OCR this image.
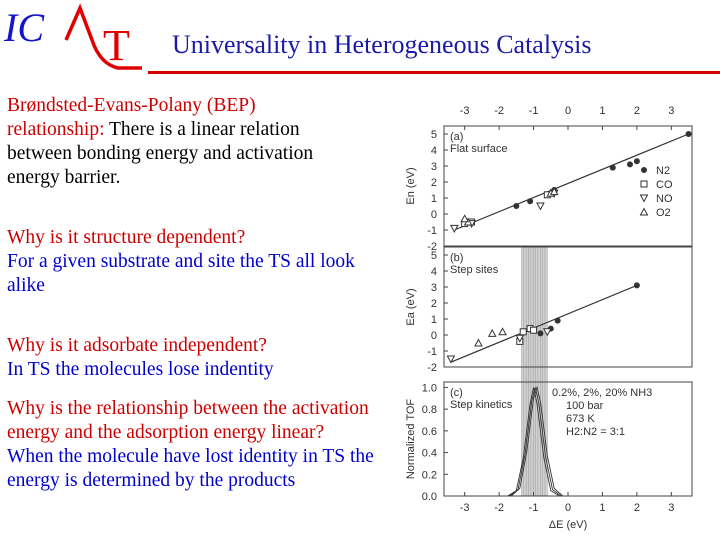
IC T Universality in Heterogeneous Catalysis

Brøndsted-Evans-Polany (BEP) relationship: There is a linear relation between bonding energy and activation energy barrier.

Why is it structure dependent?
For a given substrate and site the TS all look alike

Why is it adsorbate independent?
In TS the molecules lose indentity

Why is the relationship between the activation energy and the adsorption energy linear?
When the molecule have lost identity in TS the energy is determined by the products

5
4
3
2
1
0
-1
-2
-3 -2 -1 0	1	2	3
En (eV)
(a)
Flat surface
N2
CO
NO
O2
5
4
3
2
1
0
-1
-2
Ea (eV)
(b)
Step sites
1.0
0.8
0.6
0.4
0.2
0.0
-3 -2 -1 0	1	2	3
Normalized TOF
ΔE (eV)
(c)
Step kinetics
0.2%, 2%, 20% NH3
100 bar
673 K
H2:N2 = 3:1
